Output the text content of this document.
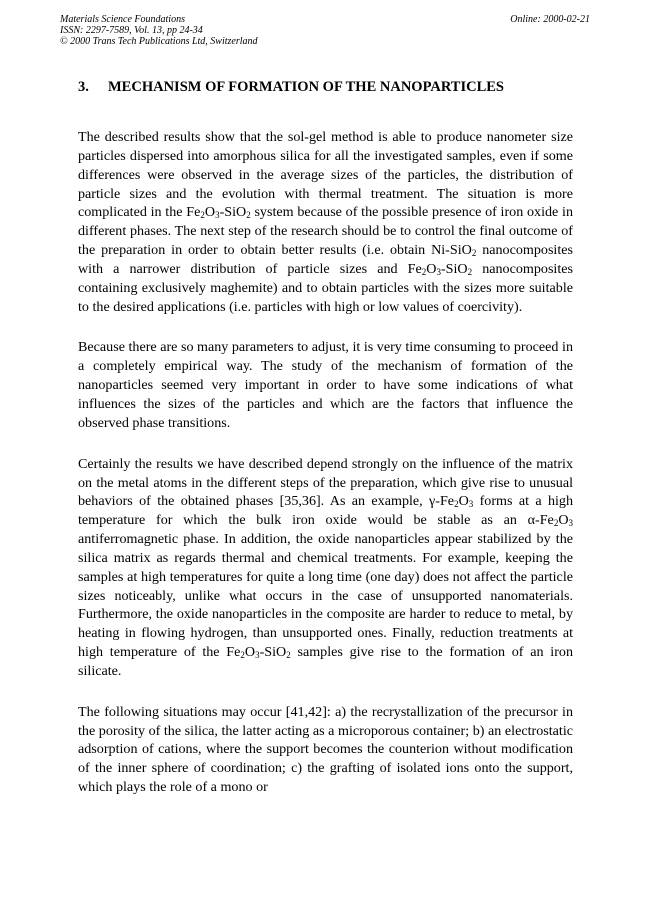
Materials Science Foundations
ISSN: 2297-7589, Vol. 13, pp 24-34
© 2000 Trans Tech Publications Ltd, Switzerland
Online: 2000-02-21
3. MECHANISM OF FORMATION OF THE NANOPARTICLES

The described results show that the sol-gel method is able to produce nanometer size particles dispersed into amorphous silica for all the investigated samples, even if some differences were observed in the average sizes of the particles, the distribution of particle sizes and the evolution with thermal treatment. The situation is more complicated in the $Fe_2O_3-SiO_2$ system because of the possible presence of iron oxide in different phases. The next step of the research should be to control the final outcome of the preparation in order to obtain better results (i.e. obtain Ni-SiO$_2$ nanocomposites with a narrower distribution of particle sizes and $Fe_2O_3-SiO_2$ nanocomposites containing exclusively maghemite) and to obtain particles with the sizes more suitable to the desired applications (i.e. particles with high or low values of coercivity).

Because there are so many parameters to adjust, it is very time consuming to proceed in a completely empirical way. The study of the mechanism of formation of the nanoparticles seemed very important in order to have some indications of what influences the sizes of the particles and which are the factors that influence the observed phase transitions.

Certainly the results we have described depend strongly on the influence of the matrix on the metal atoms in the different steps of the preparation, which give rise to unusual behaviors of the obtained phases [35,36]. As an example, $\gamma-Fe_2O_3$ forms at a high temperature for which the bulk iron oxide would be stable as an $\alpha-Fe_2O_3$ antiferromagnetic phase. In addition, the oxide nanoparticles appear stabilized by the silica matrix as regards thermal and chemical treatments. For example, keeping the samples at high temperatures for quite a long time (one day) does not affect the particle sizes noticeably, unlike what occurs in the case of unsupported nanomaterials. Furthermore, the oxide nanoparticles in the composite are harder to reduce to metal, by heating in flowing hydrogen, than unsupported ones. Finally, reduction treatments at high temperature of the $Fe_2O_3-SiO_2$ samples give rise to the formation of an iron silicate.

The following situations may occur [41,42]: a) the recrystallization of the precursor in the porosity of the silica, the latter acting as a microporous container; b) an electrostatic adsorption of cations, where the support becomes the counterion without modification of the inner sphere of coordination; c) the grafting of isolated ions onto the support, which plays the role of a mono or
